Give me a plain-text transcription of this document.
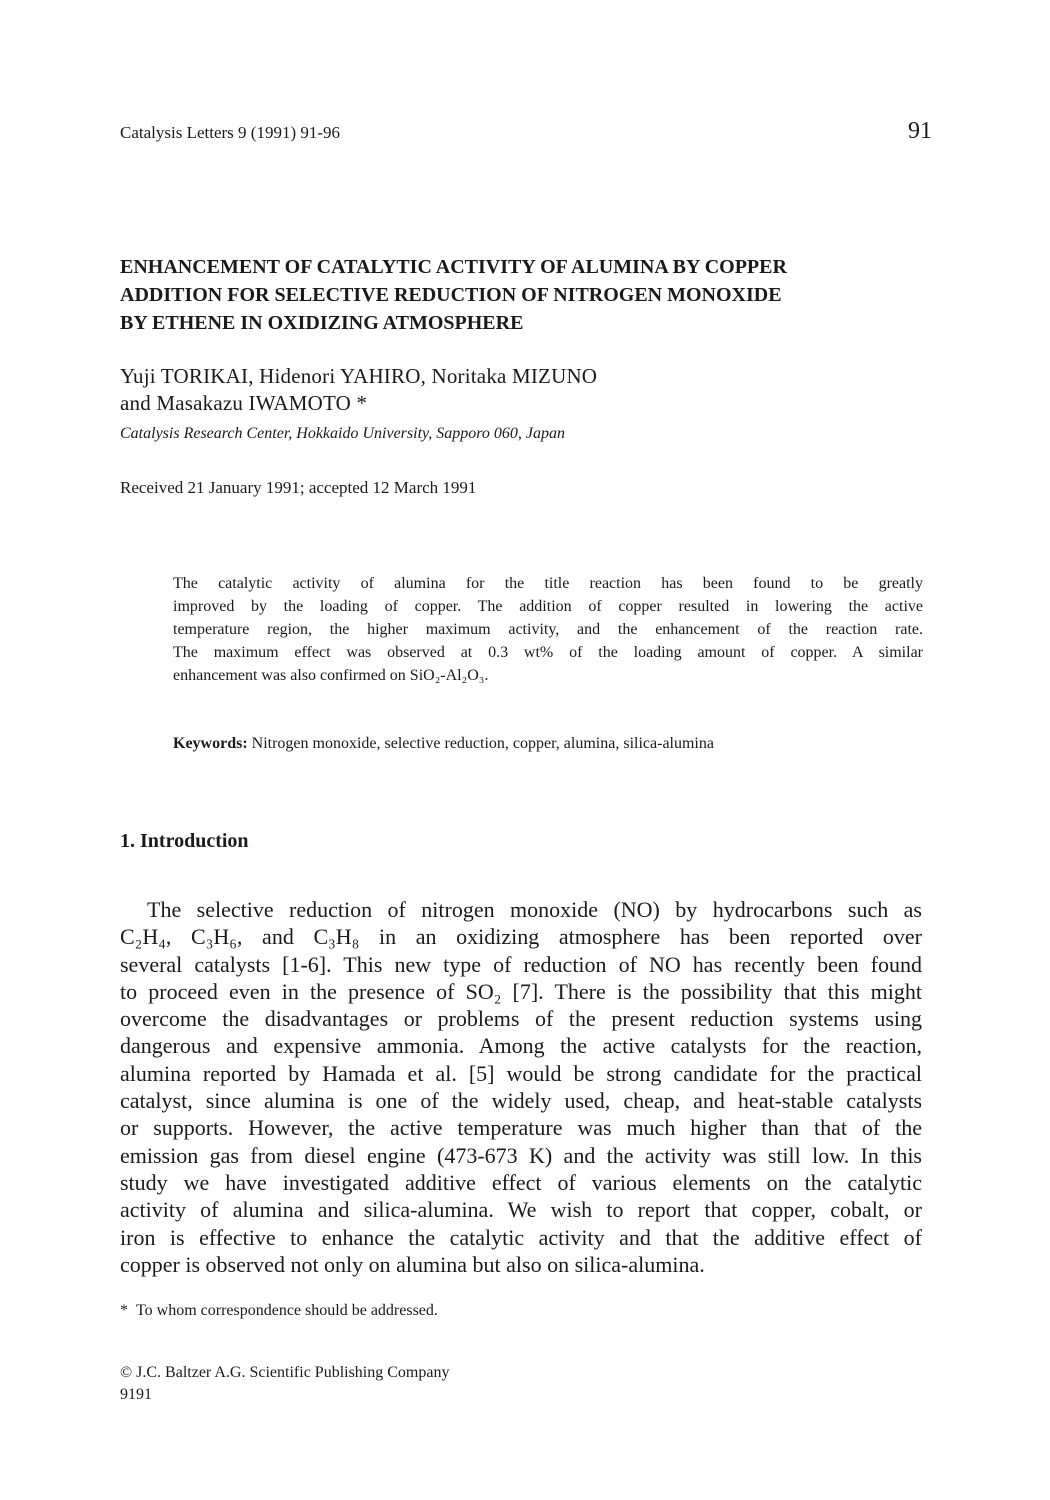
Catalysis Letters 9 (1991) 91-96	91
ENHANCEMENT OF CATALYTIC ACTIVITY OF ALUMINA BY COPPER
ADDITION FOR SELECTIVE REDUCTION OF NITROGEN MONOXIDE
BY ETHENE IN OXIDIZING ATMOSPHERE
Yuji TORIKAI, Hidenori YAHIRO, Noritaka MIZUNO
and Masakazu IWAMOTO *
Catalysis Research Center, Hokkaido University, Sapporo 060, Japan
Received 21 January 1991; accepted 12 March 1991
The catalytic activity of alumina for the title reaction has been found to be greatly
improved by the loading of copper. The addition of copper resulted in lowering the active
temperature region, the higher maximum activity, and the enhancement of the reaction rate.
The maximum effect was observed at 0.3 wt% of the loading amount of copper. A similar
enhancement was also confirmed on SiO₂-Al₂O₃.
Keywords: Nitrogen monoxide, selective reduction, copper, alumina, silica-alumina
1. Introduction
The selective reduction of nitrogen monoxide (NO) by hydrocarbons such as
C₂H₄, C₃H₆, and C₃H₈ in an oxidizing atmosphere has been reported over
several catalysts [1-6]. This new type of reduction of NO has recently been found
to proceed even in the presence of SO₂ [7]. There is the possibility that this might
overcome the disadvantages or problems of the present reduction systems using
dangerous and expensive ammonia. Among the active catalysts for the reaction,
alumina reported by Hamada et al. [5] would be strong candidate for the practical
catalyst, since alumina is one of the widely used, cheap, and heat-stable catalysts
or supports. However, the active temperature was much higher than that of the
emission gas from diesel engine (473-673 K) and the activity was still low. In this
study we have investigated additive effect of various elements on the catalytic
activity of alumina and silica-alumina. We wish to report that copper, cobalt, or
iron is effective to enhance the catalytic activity and that the additive effect of
copper is observed not only on alumina but also on silica-alumina.
* To whom correspondence should be addressed.
© J.C. Baltzer A.G. Scientific Publishing Company
9191
